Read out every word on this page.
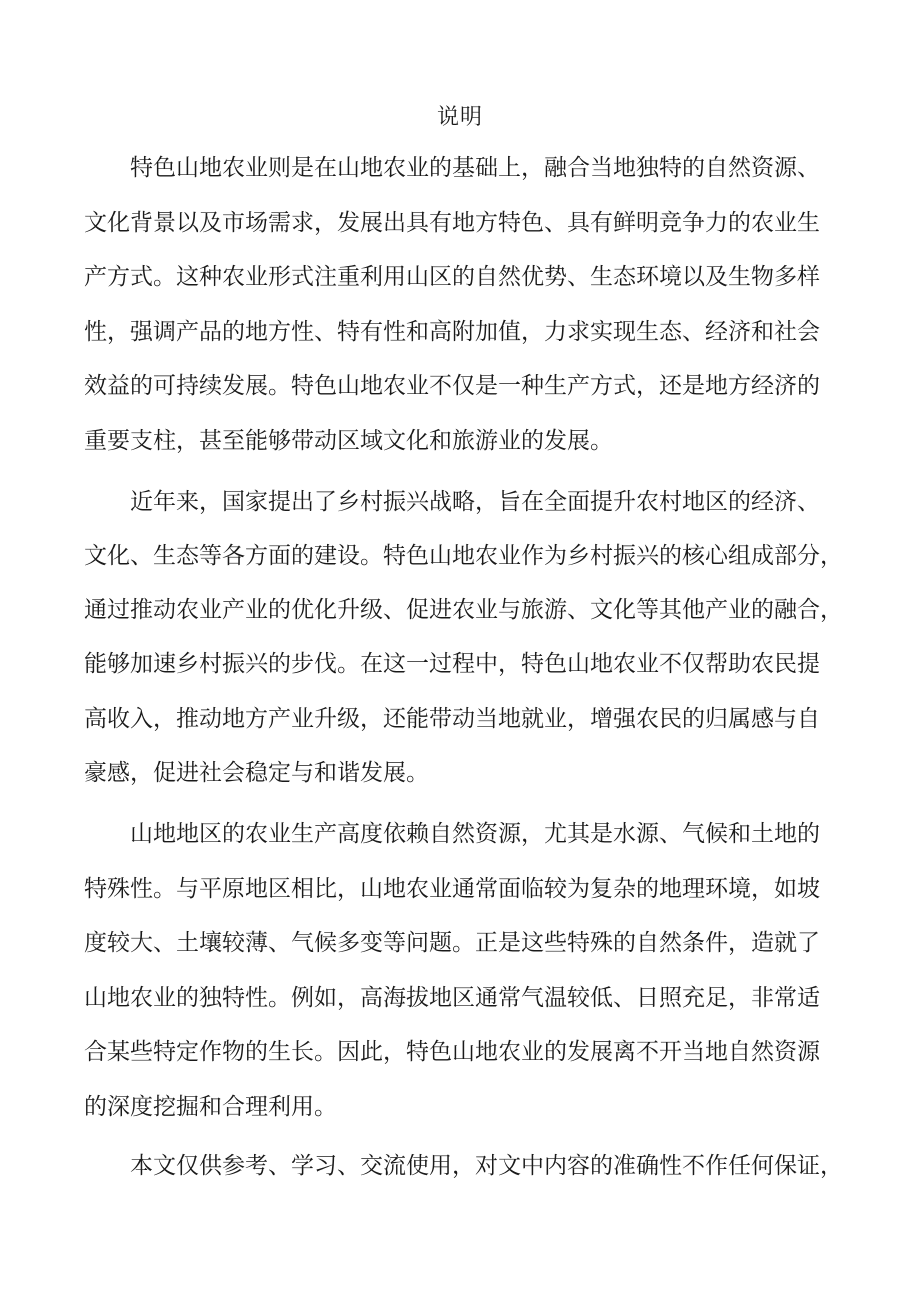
说明
特色山地农业则是在山地农业的基础上，融合当地独特的自然资源、
文化背景以及市场需求，发展出具有地方特色、具有鲜明竞争力的农业生
产方式。这种农业形式注重利用山区的自然优势、生态环境以及生物多样
性，强调产品的地方性、特有性和高附加值，力求实现生态、经济和社会
效益的可持续发展。特色山地农业不仅是一种生产方式，还是地方经济的
重要支柱，甚至能够带动区域文化和旅游业的发展。
近年来，国家提出了乡村振兴战略，旨在全面提升农村地区的经济、
文化、生态等各方面的建设。特色山地农业作为乡村振兴的核心组成部分，
通过推动农业产业的优化升级、促进农业与旅游、文化等其他产业的融合，
能够加速乡村振兴的步伐。在这一过程中，特色山地农业不仅帮助农民提
高收入，推动地方产业升级，还能带动当地就业，增强农民的归属感与自
豪感，促进社会稳定与和谐发展。
山地地区的农业生产高度依赖自然资源，尤其是水源、气候和土地的
特殊性。与平原地区相比，山地农业通常面临较为复杂的地理环境，如坡
度较大、土壤较薄、气候多变等问题。正是这些特殊的自然条件，造就了
山地农业的独特性。例如，高海拔地区通常气温较低、日照充足，非常适
合某些特定作物的生长。因此，特色山地农业的发展离不开当地自然资源
的深度挖掘和合理利用。
本文仅供参考、学习、交流使用，对文中内容的准确性不作任何保证，
